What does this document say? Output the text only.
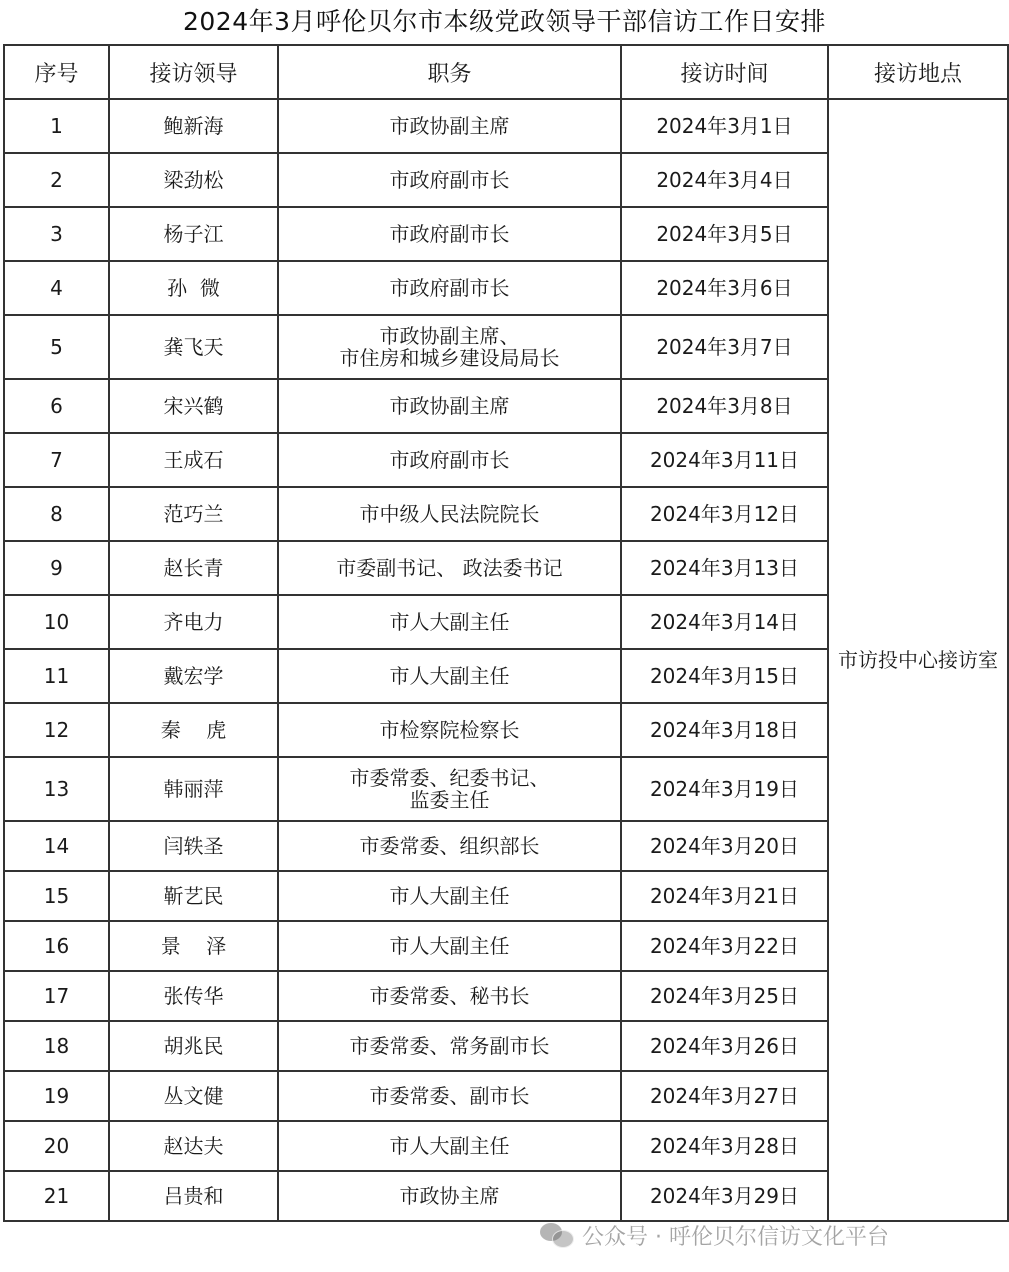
2024年3月呼伦贝尔市本级党政领导干部信访工作日安排
序号	接访领导	职务	接访时间	接访地点
1	鲍新海	市政协副主席	2024年3月1日	市访投中心接访室
2	梁劲松	市政府副市长	2024年3月4日	
3	杨子江	市政府副市长	2024年3月5日	
4	孙  微	市政府副市长	2024年3月6日	
5	龚飞天	市政协副主席、
市住房和城乡建设局局长	2024年3月7日	
6	宋兴鹤	市政协副主席	2024年3月8日	
7	王成石	市政府副市长	2024年3月11日	
8	范巧兰	市中级人民法院院长	2024年3月12日	
9	赵长青	市委副书记、 政法委书记	2024年3月13日	
10	齐电力	市人大副主任	2024年3月14日	
11	戴宏学	市人大副主任	2024年3月15日	
12	秦    虎	市检察院检察长	2024年3月18日	
13	韩丽萍	市委常委、纪委书记、
监委主任	2024年3月19日	
14	闫轶圣	市委常委、组织部长	2024年3月20日	
15	靳艺民	市人大副主任	2024年3月21日	
16	景    泽	市人大副主任	2024年3月22日	
17	张传华	市委常委、秘书长	2024年3月25日	
18	胡兆民	市委常委、常务副市长	2024年3月26日	
19	丛文健	市委常委、副市长	2024年3月27日	
20	赵达夫	市人大副主任	2024年3月28日	
21	吕贵和	市政协主席	2024年3月29日	
公众号 · 呼伦贝尔信访文化平台
